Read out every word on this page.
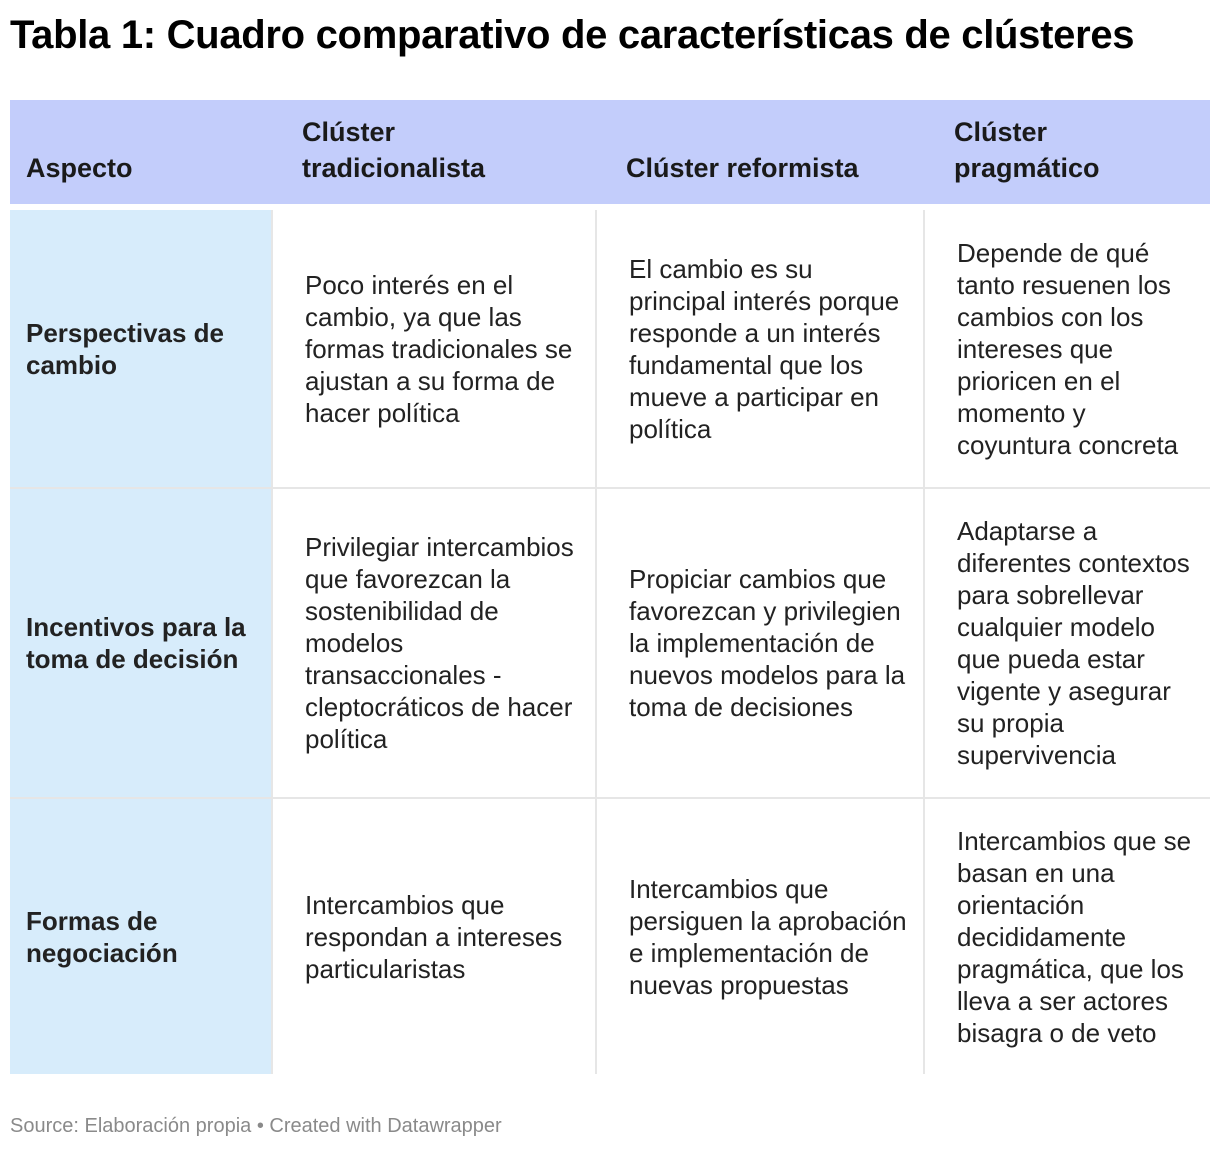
Tabla 1: Cuadro comparativo de características de clústeres
Aspecto	Clúster tradicionalista	Clúster reformista	Clúster pragmático

Perspectivas de cambio	Poco interés en el cambio, ya que las formas tradicionales se ajustan a su forma de hacer política	El cambio es su principal interés porque responde a un interés fundamental que los mueve a participar en política	Depende de qué tanto resuenen los cambios con los intereses que prioricen en el momento y coyuntura concreta
Incentivos para la toma de decisión	Privilegiar intercambios que favorezcan la sostenibilidad de modelos transaccionales - cleptocráticos de hacer política	Propiciar cambios que favorezcan y privilegien la implementación de nuevos modelos para la toma de decisiones	Adaptarse a diferentes contextos para sobrellevar cualquier modelo que pueda estar vigente y asegurar su propia supervivencia
Formas de negociación	Intercambios que respondan a intereses particularistas	Intercambios que persiguen la aprobación e implementación de nuevas propuestas	Intercambios que se basan en una orientación decididamente pragmática, que los lleva a ser actores bisagra o de veto
Source: Elaboración propia • Created with Datawrapper
